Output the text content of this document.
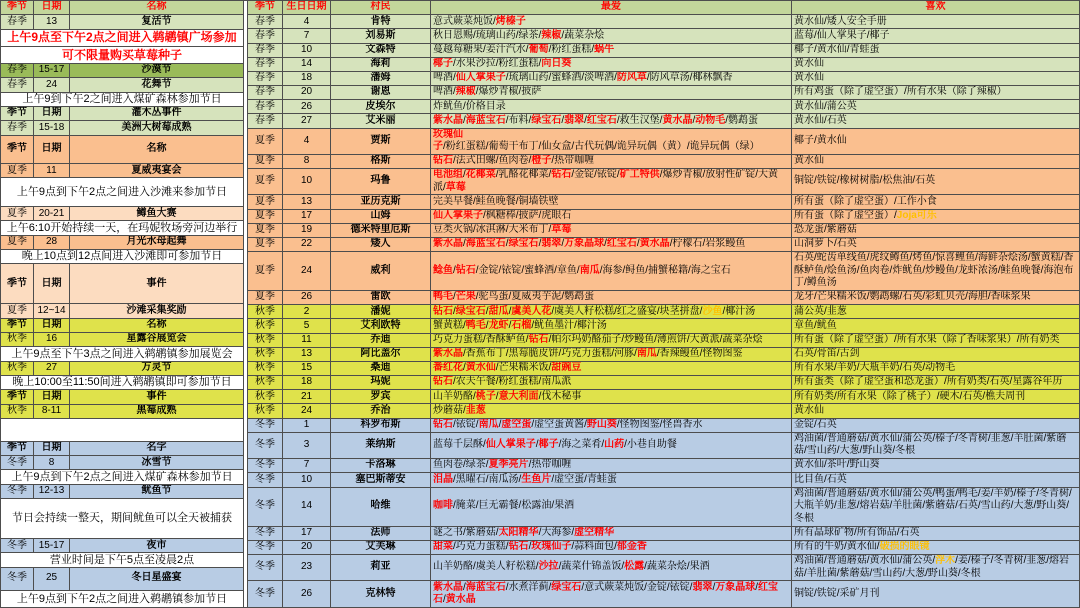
季节	日期	名称
春季	13	复活节
上午9点至下午2点之间进入鹈鹕镇广场参加		
可不限量购买草莓种子		
春季	15-17	沙漠节
春季	24	花舞节
上午9到下午2之间进入煤矿森林参加节日		
季节	日期	灌木丛事件
春季	15-18	美洲大树莓成熟
季节	日期	名称
夏季	11	夏威夷宴会
上午9点到下午2点之间进入沙滩来参加节日		
夏季	20-21	鳟鱼大赛
上午6:10开始持续一天，在玛妮牧场旁河边举行		
夏季	28	月光水母起舞
晚上10点到12点间进入沙滩即可参加节日		
季节	日期	事件
夏季	12~14	沙滩采集奖励
季节	日期	名称
秋季	16	星露谷展览会
上午9点至下午3点之间进入鹈鹕镇参加展览会		
秋季	27	万灵节
晚上10:00至11:50间进入鹈鹕镇即可参加节日		
季节	日期	事件
秋季	8-11	黑莓成熟

季节	日期	名字
冬季	8	冰雪节
上午9点到下午2点之间进入煤矿森林参加节日		
冬季	12-13	鱿鱼节
节日会持续一整天，期间鱿鱼可以全天被捕获		
冬季	15-17	夜市
营业时间是下午5点至凌晨2点		
冬季	25	冬日星盛宴
上午9点到下午2点之间进入鹈鹕镇参加节日		
季节	生日日期	村民	最爱	喜欢
春季	4	肯特	意式蕨菜炖饭/烤榛子	黄水仙/矮人安全手册
春季	7	刘易斯	秋日恩赐/琉璃山药/绿茶/辣椒/蔬菜杂烩	蓝莓/仙人掌果子/椰子
春季	10	文森特	蔓越莓糖果/姜汁汽水/葡萄/粉红蛋糕/蜗牛	椰子/黄水仙/青蛙蛋
春季	14	海莉	椰子/水果沙拉/粉红蛋糕/向日葵	黄水仙
春季	18	潘姆	啤酒/仙人掌果子/琉璃山药/蜜蜂酒/淡啤酒/防风草/防风草汤/椰林飘香	黄水仙
春季	20	谢恩	啤酒/辣椒/爆炒青椒/披萨	所有鸡蛋（除了虚空蛋）/所有水果（除了辣椒）
春季	26	皮埃尔	炸鱿鱼/价格目录	黄水仙/蒲公英
春季	27	艾米丽	紫水晶/海蓝宝石/布料/绿宝石/翡翠/红宝石/救生汉堡/黄水晶/动物毛/鹦鹉蛋	黄水仙/石英
夏季	4	贾斯	玫瑰仙子/粉红蛋糕/葡萄干布丁/仙女盒/古代玩偶/诡异玩偶（黄）/诡异玩偶（绿）	椰子/黄水仙
夏季	8	格斯	钻石/法式田螺/鱼肉卷/橙子/热带咖喱	黄水仙
夏季	10	玛鲁	电池组/花椰菜/乳酪花椰菜/钻石/金锭/铱锭/矿工特供/爆炒青椒/放射性矿锭/大黄派/草莓	铜锭/铁锭/橡树树脂/松焦油/石英
夏季	13	亚历克斯	完美早餐/鲑鱼晚餐/铜墙铁壁	所有蛋（除了虚空蛋）/工作小食
夏季	17	山姆	仙人掌果子/枫糖棒/披萨/虎眼石	所有蛋（除了虚空蛋）/Joja可乐
夏季	19	德米特里厄斯	豆类火锅/冰淇淋/大米布丁/草莓	恐龙蛋/紫蘑菇
夏季	22	矮人	紫水晶/海蓝宝石/绿宝石/翡翠/万象晶球/红宝石/黄水晶/柠檬石/岩浆鳗鱼	山洞萝卜/石英
夏季	24	威利	鲶鱼/钻石/金锭/铱锭/蜜蜂酒/章鱼/南瓜/海参/鲟鱼/捕蟹秘籍/海之宝石	石英/蛇齿单线鱼/虎纹鳟鱼/烤鱼/惊喜鲤鱼/海鲜杂烩汤/蟹黄糕/香酥鲈鱼/烩鱼汤/鱼肉卷/炸鱿鱼/炒鳗鱼/龙虾浓汤/鲑鱼晚餐/海泡布丁/鳟鱼汤
夏季	26	雷欧	鸭毛/芒果/驼鸟蛋/夏威夷芋泥/鹦鹉蛋	龙牙/芒果糯米饭/鹦鹉螺/石英/彩虹贝壳/海胆/香味浆果
秋季	2	潘妮	钻石/绿宝石/甜瓜/虞美人花/虞美人籽松糕/红之盛宴/块茎拼盘/沙鱼/椰汁汤	蒲公英/韭葱
秋季	5	艾利欧特	蟹黄糕/鸭毛/龙虾/石榴/鱿鱼墨汁/椰汁汤	章鱼/鱿鱼
秋季	11	乔迪	巧克力蛋糕/香酥鲈鱼/钻石/帕尔玛奶酪茄子/炒鳗鱼/薄煎饼/大黄派/蔬菜杂烩	所有蛋（除了虚空蛋）/所有水果（除了香味浆果）/所有奶类
秋季	13	阿比盖尔	紫水晶/香蕉布丁/黑莓脆皮饼/巧克力蛋糕/河豚/南瓜/香辣鳗鱼/怪物图鉴	石英/骨笛/古剑
秋季	15	桑迪	番红花/黄水仙/芒果糯米饭/甜豌豆	所有水果/羊奶/大瓶羊奶/石英/动物毛
秋季	18	玛妮	钻石/农夫午餐/粉红蛋糕/南瓜派	所有蛋类（除了虚空蛋和恐龙蛋）/所有奶类/石英/星露谷年历
秋季	21	罗宾	山羊奶酪/桃子/意大利面/伐木秘事	所有奶类/所有水果（除了桃子）/硬木/石英/樵夫周刊
秋季	24	乔治	炒蘑菇/韭葱	黄水仙
冬季	1	科罗布斯	钻石/铱锭/南瓜/虚空蛋/虚空蛋黄酱/野山葵/怪物图鉴/怪兽香水	金锭/石英
冬季	3	莱纳斯	蓝莓千层酥/仙人掌果子/椰子/海之菜肴/山药/小巷自助餐	鸡油菌/普通蘑菇/黄水仙/蒲公英/榛子/冬青树/韭葱/羊肚菌/紫蘑菇/雪山药/大葱/野山葵/冬根
冬季	7	卡洛琳	鱼肉卷/绿茶/夏季亮片/热带咖喱	黄水仙/茶叶/野山葵
冬季	10	塞巴斯蒂安	泪晶/黑曜石/南瓜汤/生鱼片/虚空蛋/青蛙蛋	比目鱼/石英
冬季	14	哈维	咖啡/腌菜/巨无霸餐/松露油/果酒	鸡油菌/普通蘑菇/黄水仙/蒲公英/鸭蛋/鸭毛/姜/羊奶/榛子/冬青树/大瓶羊奶/韭葱/熔岩菇/羊肚菌/紫蘑菇/石英/雪山药/大葱/野山葵/冬根
冬季	17	法师	谜之书/紫蘑菇/太阳精华/大海参/虚空精华	所有晶球矿物/所有饰品/石英
冬季	20	艾芙琳	甜菜/巧克力蛋糕/钻石/玫瑰仙子/蒜料面包/郁金香	所有的牛奶/黄水仙/破损的眼镜
冬季	23	莉亚	山羊奶酪/虞美人籽松糕/沙拉/蔬菜什锦盖饭/松露/蔬菜杂烩/果酒	鸡油菌/普通蘑菇/黄水仙/蒲公英/浮木/姜/榛子/冬青树/韭葱/熔岩菇/羊肚菌/紫蘑菇/雪山药/大葱/野山葵/冬根
冬季	26	克林特	紫水晶/海蓝宝石/水煮洋蓟/绿宝石/意式蕨菜炖饭/金锭/铱锭/翡翠/万象晶球/红宝石/黄水晶	铜锭/铁锭/采矿月刊
